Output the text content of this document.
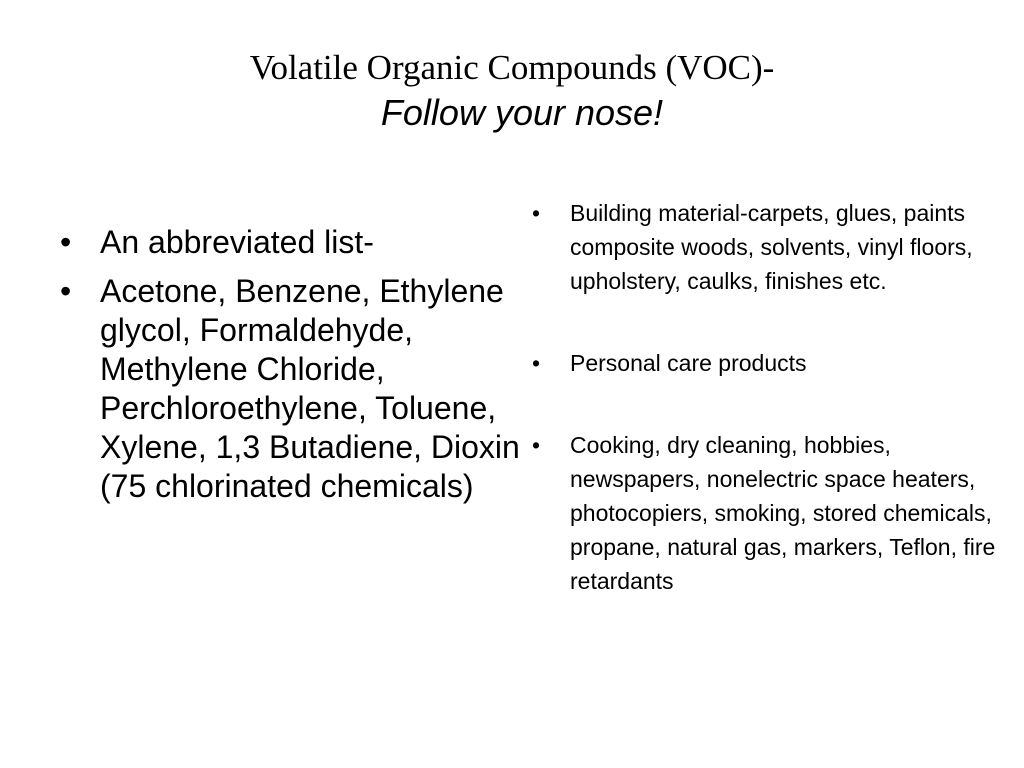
Volatile Organic Compounds (VOC)-
Follow your nose!
• An abbreviated list-
• Acetone, Benzene, Ethylene glycol, Formaldehyde, Methylene Chloride, Perchloroethylene, Toluene, Xylene, 1,3 Butadiene, Dioxin (75 chlorinated chemicals)
• Building material-carpets, glues, paints composite woods, solvents, vinyl floors, upholstery, caulks, finishes etc.
• Personal care products
• Cooking, dry cleaning, hobbies, newspapers, nonelectric space heaters, photocopiers, smoking, stored chemicals, propane, natural gas, markers, Teflon, fire retardants
